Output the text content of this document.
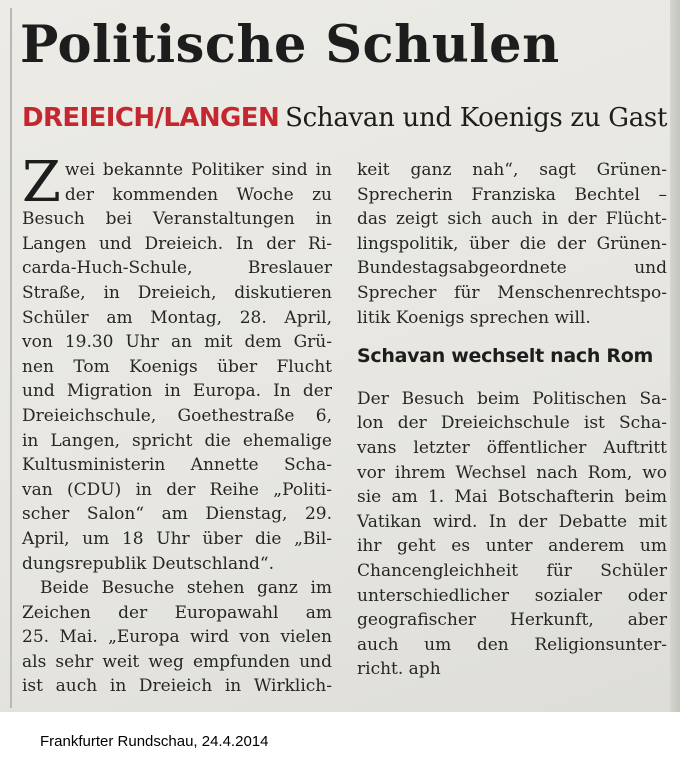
Politische Schulen
DREIEICH/LANGEN Schavan und Koenigs zu Gast
Z wei bekannte Politiker sind in
der kommenden Woche zu
Besuch bei Veranstaltungen in
Langen und Dreieich. In der Ri-
carda-Huch-Schule, Breslauer
Straße, in Dreieich, diskutieren
Schüler am Montag, 28. April,
von 19.30 Uhr an mit dem Grü-
nen Tom Koenigs über Flucht
und Migration in Europa. In der
Dreieichschule, Goethestraße 6,
in Langen, spricht die ehemalige
Kultusministerin Annette Scha-
van (CDU) in der Reihe „Politi-
scher Salon“ am Dienstag, 29.
April, um 18 Uhr über die „Bil-
dungsrepublik Deutschland“.
Beide Besuche stehen ganz im
Zeichen der Europawahl am
25. Mai. „Europa wird von vielen
als sehr weit weg empfunden und
ist auch in Dreieich in Wirklich-
keit ganz nah“, sagt Grünen-
Sprecherin Franziska Bechtel –
das zeigt sich auch in der Flücht-
lingspolitik, über die der Grünen-
Bundestagsabgeordnete und
Sprecher für Menschenrechtspo-
litik Koenigs sprechen will.
Schavan wechselt nach Rom
Der Besuch beim Politischen Sa-
lon der Dreieichschule ist Scha-
vans letzter öffentlicher Auftritt
vor ihrem Wechsel nach Rom, wo
sie am 1. Mai Botschafterin beim
Vatikan wird. In der Debatte mit
ihr geht es unter anderem um
Chancengleichheit für Schüler
unterschiedlicher sozialer oder
geografischer Herkunft, aber
auch um den Religionsunter-
richt. aph
Frankfurter Rundschau, 24.4.2014
